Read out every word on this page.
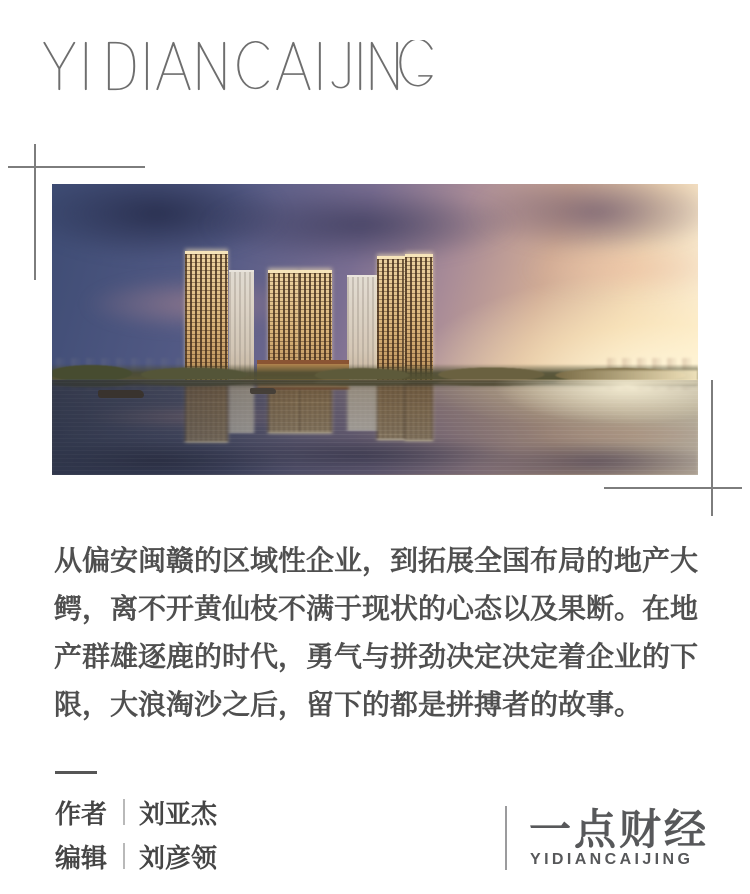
从偏安闽赣的区域性企业，到拓展全国布局的地产大鳄，离不开黄仙枝不满于现状的心态以及果断。在地产群雄逐鹿的时代，勇气与拼劲决定决定着企业的下限，大浪淘沙之后，留下的都是拼搏者的故事。

作者 刘亚杰
编辑 刘彦领
一点财经
YIDIANCAIJING
